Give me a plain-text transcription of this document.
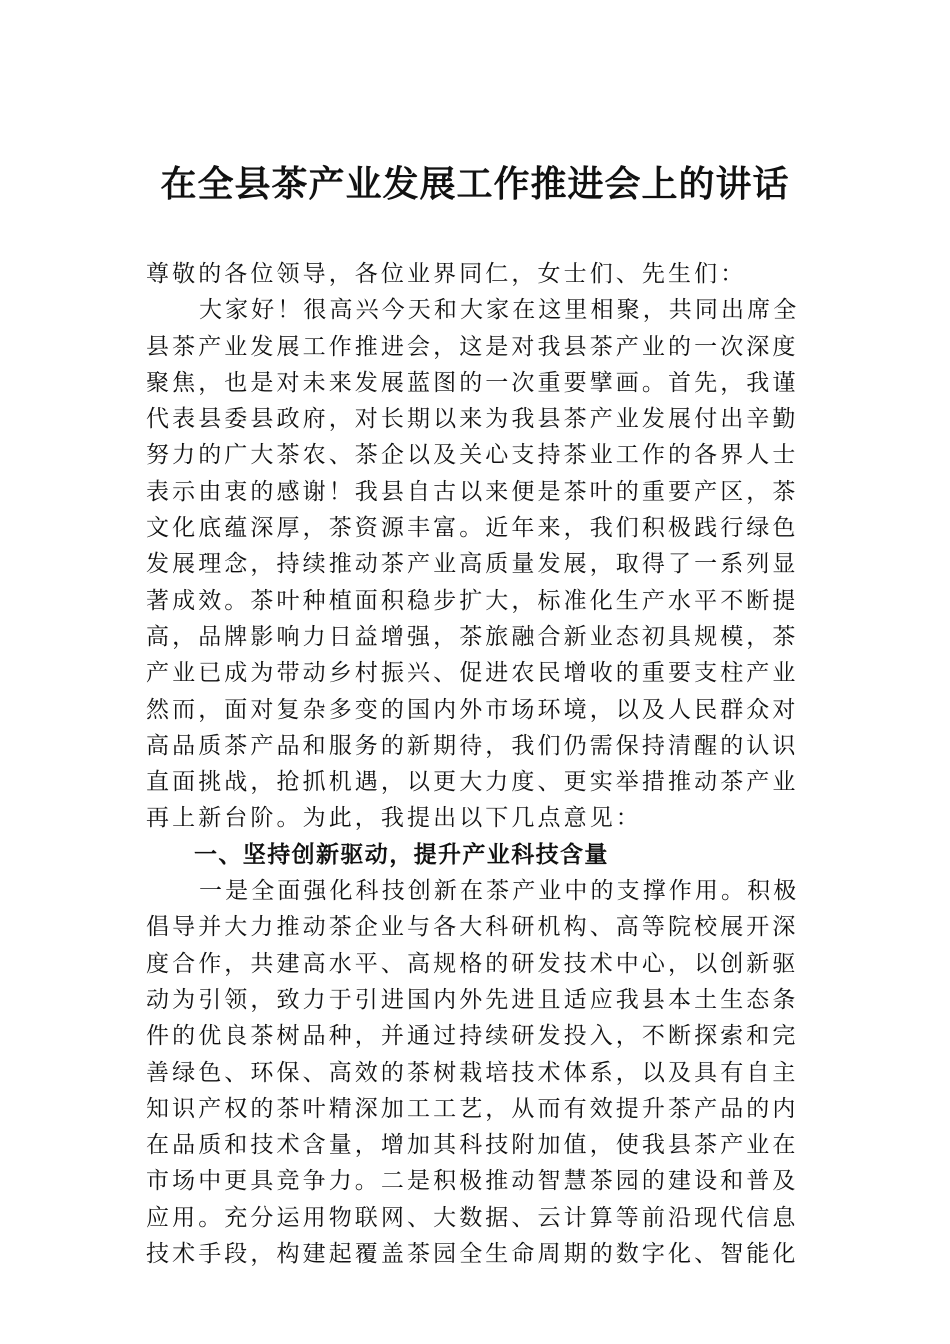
在全县茶产业发展工作推进会上的讲话
尊敬的各位领导，各位业界同仁，女士们、先生们：
大家好！很高兴今天和大家在这里相聚，共同出席全
县茶产业发展工作推进会，这是对我县茶产业的一次深度
聚焦，也是对未来发展蓝图的一次重要擘画。首先，我谨
代表县委县政府，对长期以来为我县茶产业发展付出辛勤
努力的广大茶农、茶企以及关心支持茶业工作的各界人士
表示由衷的感谢！我县自古以来便是茶叶的重要产区，茶
文化底蕴深厚，茶资源丰富。近年来，我们积极践行绿色
发展理念，持续推动茶产业高质量发展，取得了一系列显
著成效。茶叶种植面积稳步扩大，标准化生产水平不断提
高，品牌影响力日益增强，茶旅融合新业态初具规模，茶
产业已成为带动乡村振兴、促进农民增收的重要支柱产业
然而，面对复杂多变的国内外市场环境，以及人民群众对
高品质茶产品和服务的新期待，我们仍需保持清醒的认识
直面挑战，抢抓机遇，以更大力度、更实举措推动茶产业
再上新台阶。为此，我提出以下几点意见：
一、坚持创新驱动，提升产业科技含量
一是全面强化科技创新在茶产业中的支撑作用。积极
倡导并大力推动茶企业与各大科研机构、高等院校展开深
度合作，共建高水平、高规格的研发技术中心，以创新驱
动为引领，致力于引进国内外先进且适应我县本土生态条
件的优良茶树品种，并通过持续研发投入，不断探索和完
善绿色、环保、高效的茶树栽培技术体系，以及具有自主
知识产权的茶叶精深加工工艺，从而有效提升茶产品的内
在品质和技术含量，增加其科技附加值，使我县茶产业在
市场中更具竞争力。二是积极推动智慧茶园的建设和普及
应用。充分运用物联网、大数据、云计算等前沿现代信息
技术手段，构建起覆盖茶园全生命周期的数字化、智能化
